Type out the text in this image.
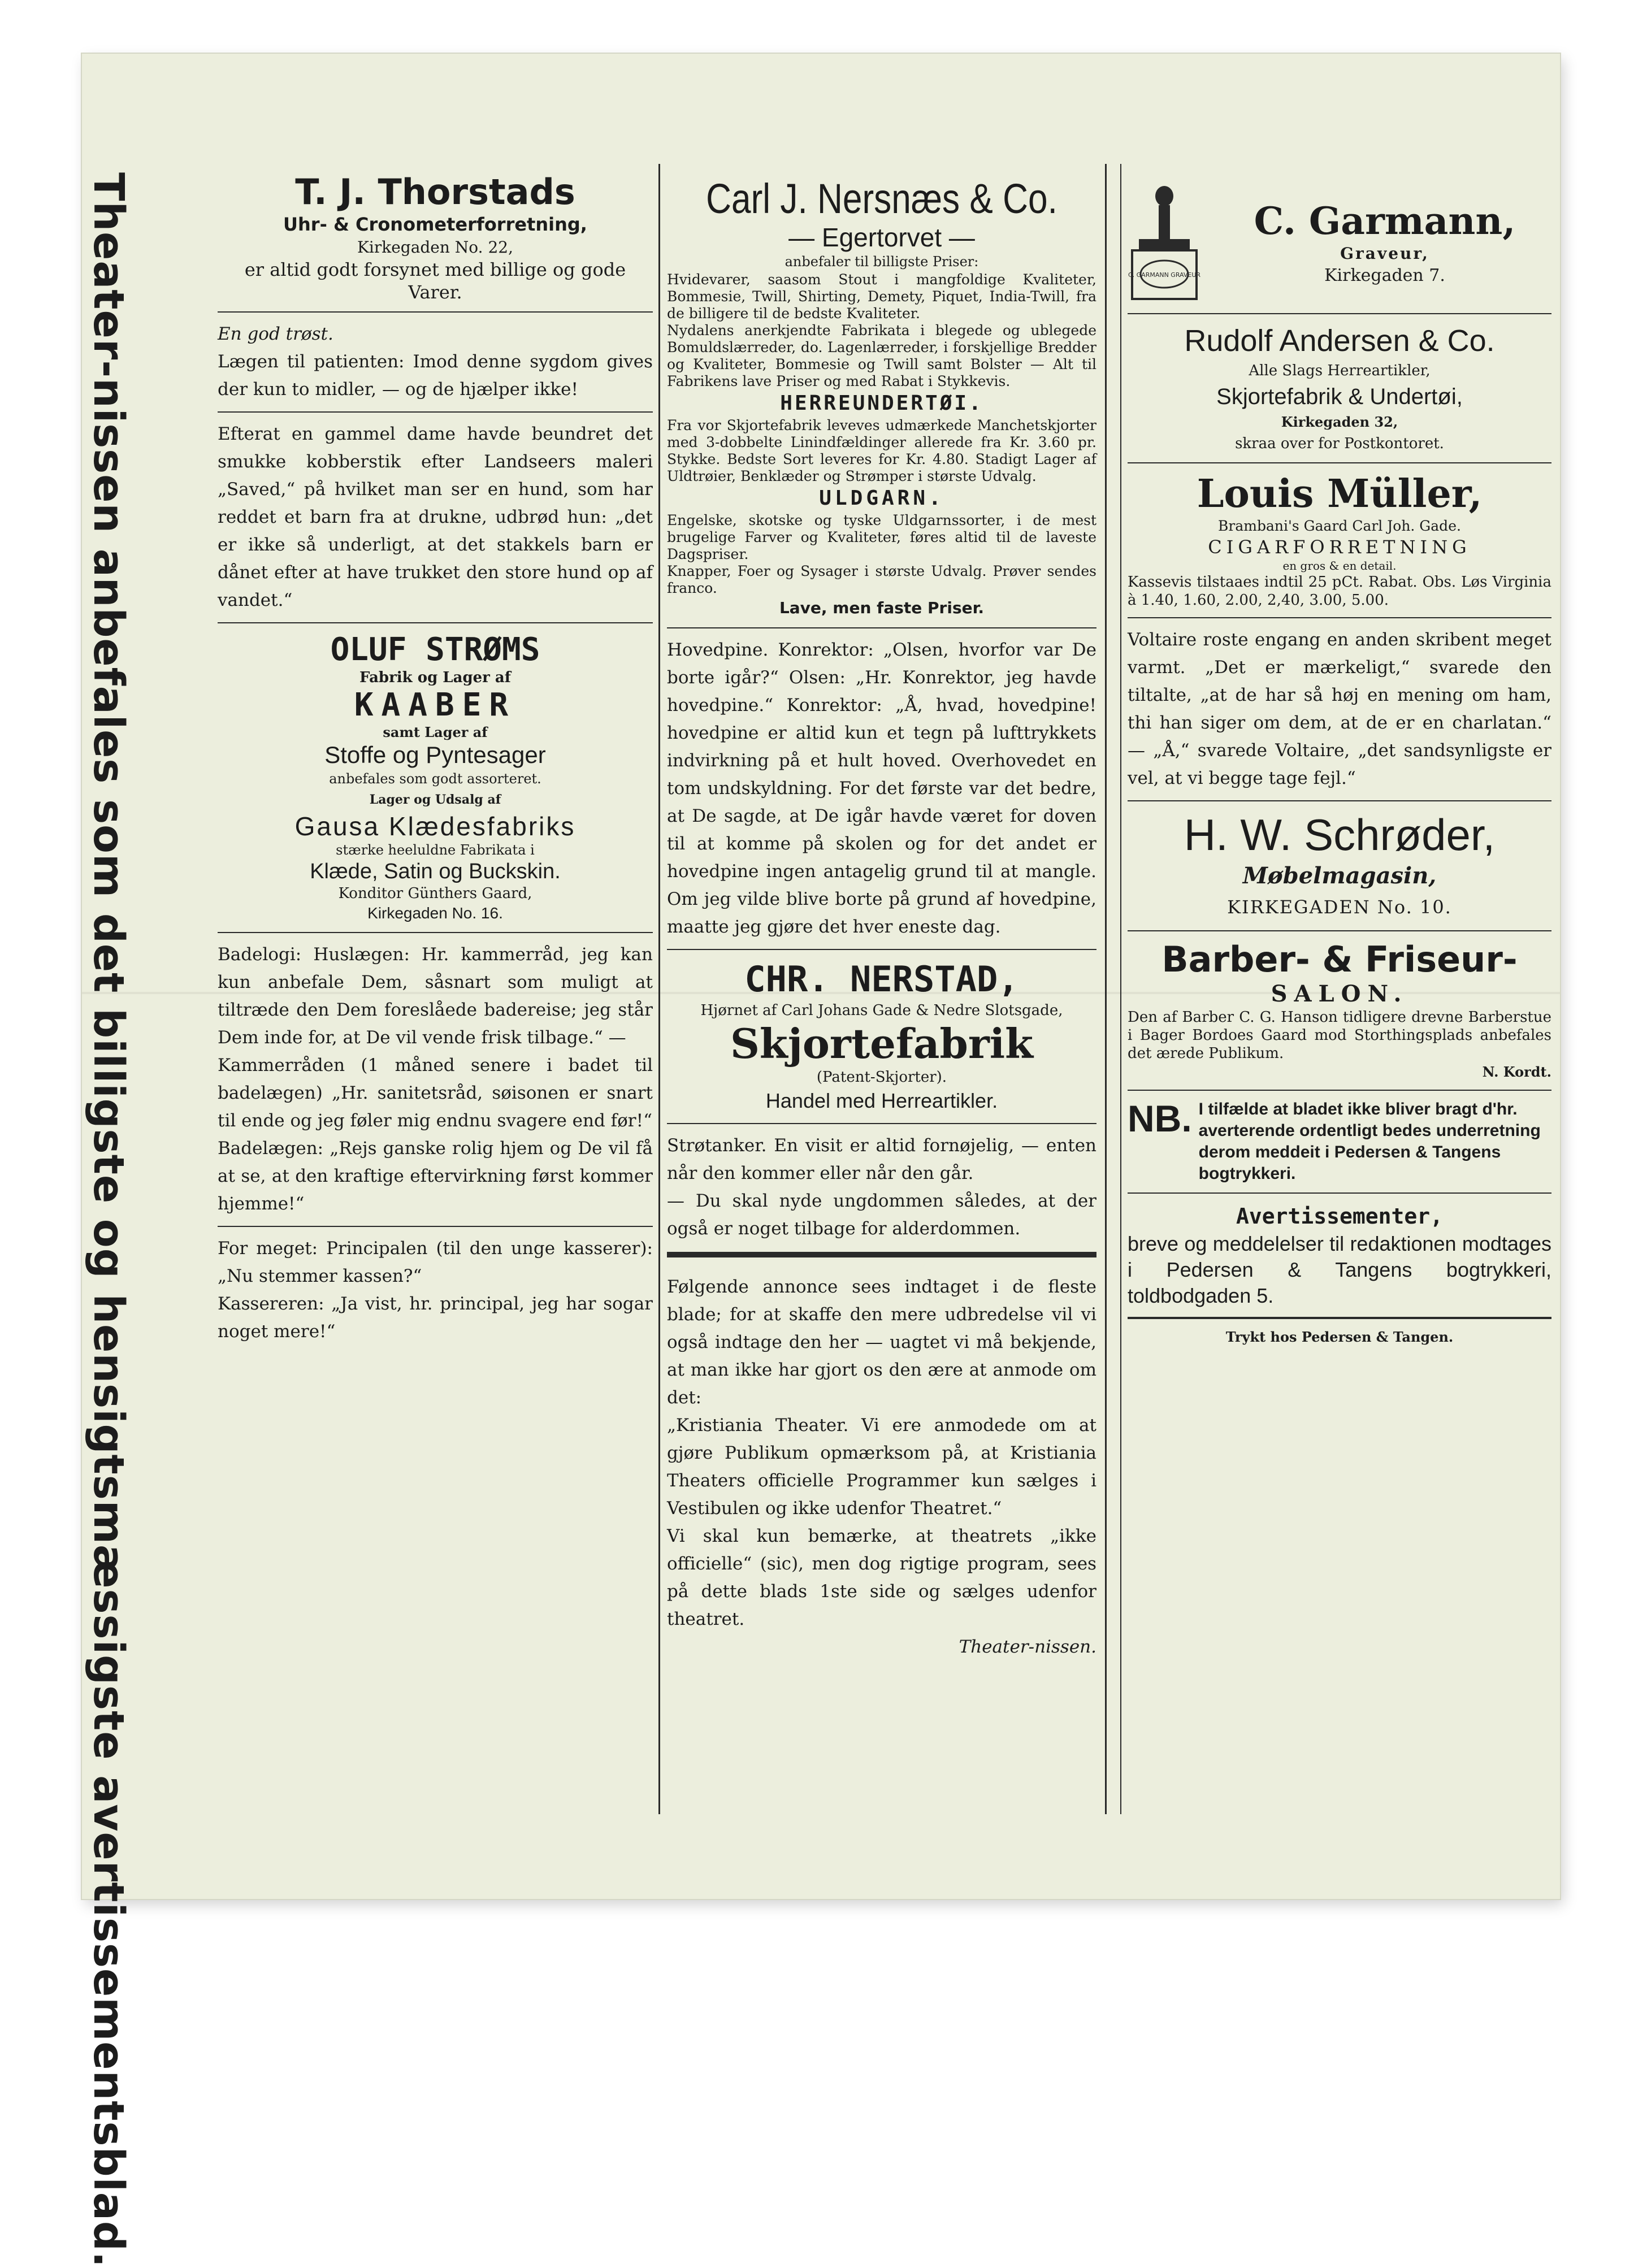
Theater-nissen anbefales som det billigste og hensigtsmæssigste avertissementsblad.	T. J. Thorstads
Uhr- & Cronometerforretning,
Kirkegaden No. 22,
er altid godt forsynet med billige og gode Varer.
En god trøst.

Lægen til patienten: Imod denne sygdom gives der kun to midler, — og de hjælper ikke!

Efterat en gammel dame havde beundret det smukke kobberstik efter Landseers maleri „Saved,“ på hvilket man ser en hund, som har reddet et barn fra at drukne, udbrød hun: „det er ikke så underligt, at det stakkels barn er dånet efter at have trukket den store hund op af vandet.“

OLUF STRØMS
Fabrik og Lager af
KAABER
samt Lager af
Stoffe og Pyntesager
anbefales som godt assorteret.
Lager og Udsalg af
Gausa Klædesfabriks
stærke heeluldne Fabrikata i
Klæde, Satin og Buckskin.
Konditor Günthers Gaard,
Kirkegaden No. 16.

Badelogi: Huslægen: Hr. kammerråd, jeg kan kun anbefale Dem, såsnart som muligt at tiltræde den Dem foreslåede badereise; jeg står Dem inde for, at De vil vende frisk tilbage.“ —

Kammerråden (1 måned senere i badet til badelægen) „Hr. sanitetsråd, søisonen er snart til ende og jeg føler mig endnu svagere end før!“

Badelægen: „Rejs ganske rolig hjem og De vil få at se, at den kraftige eftervirkning først kommer hjemme!“

For meget: Principalen (til den unge kasserer): „Nu stemmer kassen?“

Kassereren: „Ja vist, hr. principal, jeg har sogar noget mere!“

Carl J. Nersnæs & Co.
— Egertorvet —
anbefaler til billigste Priser:

Hvidevarer, saasom Stout i mangfoldige Kvaliteter, Bommesie, Twill, Shirting, Demety, Piquet, India-Twill, fra de billigere til de bedste Kvaliteter.

Nydalens anerkjendte Fabrikata i blegede og ublegede Bomuldslærreder, do. Lagenlærreder, i forskjellige Bredder og Kvaliteter, Bommesie og Twill samt Bolster — Alt til Fabrikens lave Priser og med Rabat i Stykkevis.

HERREUNDERTØI.

Fra vor Skjortefabrik leveves udmærkede Manchetskjorter med 3-dobbelte Linindfældinger allerede fra Kr. 3.60 pr. Stykke. Bedste Sort leveres for Kr. 4.80. Stadigt Lager af Uldtrøier, Benklæder og Strømper i største Udvalg.

ULDGARN.

Engelske, skotske og tyske Uldgarnssorter, i de mest brugelige Farver og Kvaliteter, føres altid til de laveste Dagspriser.

Knapper, Foer og Sysager i største Udvalg. Prøver sendes franco.

Lave, men faste Priser.

Hovedpine. Konrektor: „Olsen, hvorfor var De borte igår?“ Olsen: „Hr. Konrektor, jeg havde hovedpine.“ Konrektor: „Å, hvad, hovedpine! hovedpine er altid kun et tegn på lufttrykkets indvirkning på et hult hoved. Overhovedet en tom undskyldning. For det første var det bedre, at De sagde, at De igår havde været for doven til at komme på skolen og for det andet er hovedpine ingen antagelig grund til at mangle. Om jeg vilde blive borte på grund af hovedpine, maatte jeg gjøre det hver eneste dag.

CHR. NERSTAD,
Hjørnet af Carl Johans Gade & Nedre Slotsgade,
Skjortefabrik
(Patent-Skjorter).
Handel med Herreartikler.

Strøtanker. En visit er altid fornøjelig, — enten når den kommer eller når den går.

— Du skal nyde ungdommen således, at der også er noget tilbage for alderdommen.

Følgende annonce sees indtaget i de fleste blade; for at skaffe den mere udbredelse vil vi også indtage den her — uagtet vi må bekjende, at man ikke har gjort os den ære at anmode om det:

„Kristiania Theater. Vi ere anmodede om at gjøre Publikum opmærksom på, at Kristiania Theaters officielle Programmer kun sælges i Vestibulen og ikke udenfor Theatret.“

Vi skal kun bemærke, at theatrets „ikke officielle“ (sic), men dog rigtige program, sees på dette blads 1ste side og sælges udenfor theatret.

Theater-nissen.
C. GARMANN GRAVEUR
C. Garmann,
Graveur,
Kirkegaden 7.
Rudolf Andersen & Co.
Alle Slags Herreartikler,
Skjortefabrik & Undertøi,
Kirkegaden 32,
skraa over for Postkontoret.
Louis Müller,
Brambani's Gaard Carl Joh. Gade.
CIGARFORRETNING
en gros & en detail.

Kassevis tilstaaes indtil 25 pCt. Rabat. Obs. Løs Virginia à 1.40, 1.60, 2.00, 2,40, 3.00, 5.00.

Voltaire roste engang en anden skribent meget varmt. „Det er mærkeligt,“ svarede den tiltalte, „at de har så høj en mening om ham, thi han siger om dem, at de er en charlatan.“ — „Å,“ svarede Voltaire, „det sandsynligste er vel, at vi begge tage fejl.“

H. W. Schrøder,
Møbelmagasin,
KIRKEGADEN No. 10.
Barber- & Friseur-
SALON.

Den af Barber C. G. Hanson tidligere drevne Barberstue i Bager Bordoes Gaard mod Storthingsplads anbefales det ærede Publikum.

N. Kordt.
NB. I tilfælde at bladet ikke bliver bragt d'hr. averterende ordentligt bedes underretning derom meddeit i Pedersen & Tangens bogtrykkeri.

Avertissementer,

breve og meddelelser til redaktionen modtages i Pedersen & Tangens bogtrykkeri, toldbodgaden 5.

Trykt hos Pedersen & Tangen.
